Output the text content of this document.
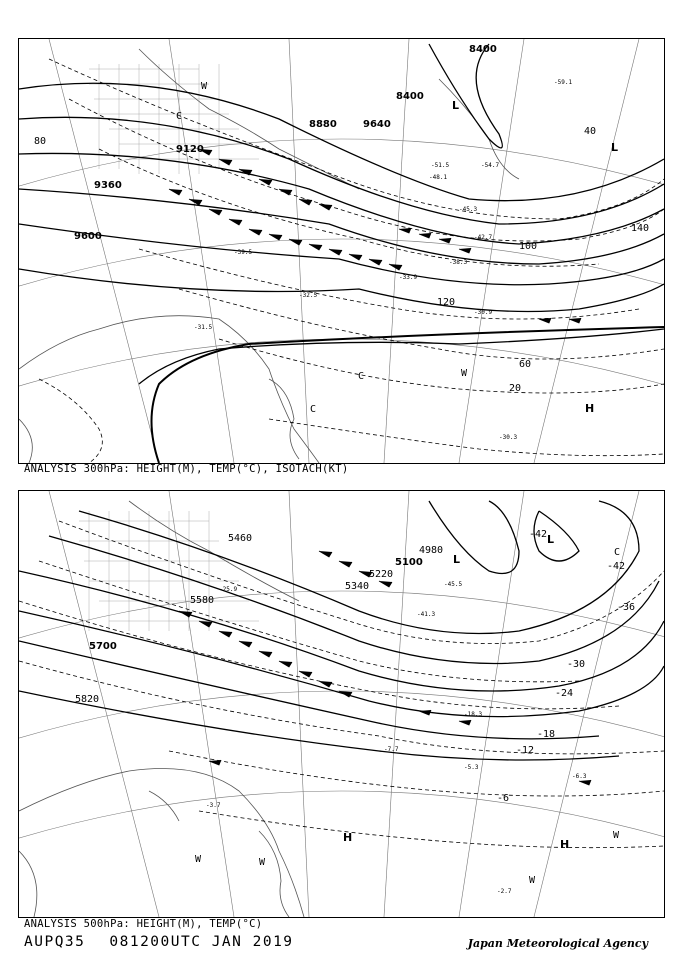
-30.3
-30.9
-31.5
-32.5
-33.9
-38.3
-39.5
-42.7
-45.3
-48.1
-51.5	-54.7
-59.1
8400
8400
8880
9120
9360
9600
9640
20
40
60
80
100
120
140
L
L
H
C
C
C
W
W
ANALYSIS 300hPa: HEIGHT(M), TEMP(°C), ISOTACH(KT)
-2.7
-3.7
-5.3
-6.3
-7.7
-18.3
-25.9
-41.3
-45.5
4980
5100
5220
5340
5460
5580
5700
5820
-42
-42
-36
-30
-24
-18
-12
-6
L
L
H
H
C
W	W
W
W
ANALYSIS 500hPa: HEIGHT(M), TEMP(°C)
AUPQ35 081200UTC JAN 2019	Japan Meteorological Agency
